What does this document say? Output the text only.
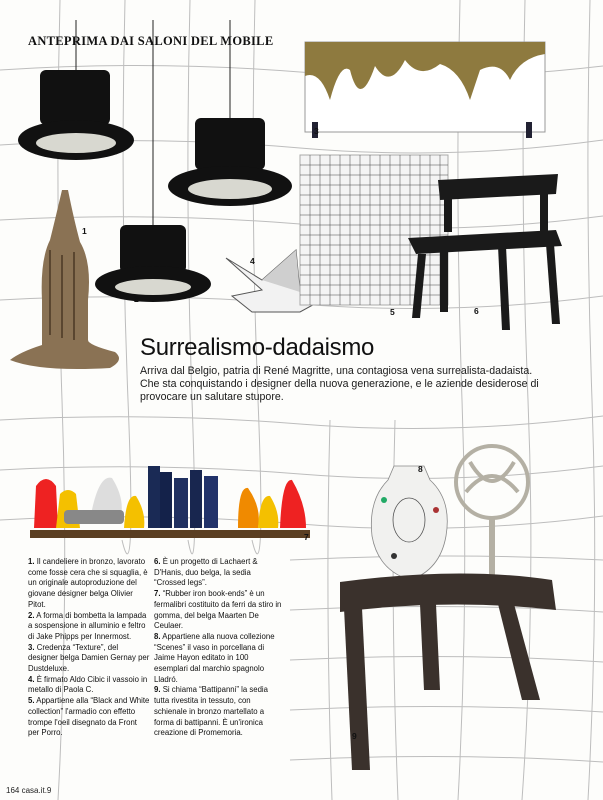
ANTEPRIMA DAI SALONI DEL MOBILE
1
2
3
4
5	6
7
8
9
Surrealismo-dadaismo
Arriva dal Belgio, patria di René Magritte, una contagiosa vena surrealista-dadaista. Che sta conquistando i designer della nuova generazione, e le aziende desiderose di provocare un salutare stupore.
1. Il candeliere in bronzo, lavorato come fosse cera che si squaglia, è un originale autoproduzione del giovane designer belga Olivier Pitot.
2. A forma di bombetta la lampada a sospensione in alluminio e feltro di Jake Phipps per Innermost.
3. Credenza “Texture”, del designer belga Damien Gernay per Dustdeluxe.
4. È firmato Aldo Cibic il vassoio in metallo di Paola C.
5. Appartiene alla “Black and White collection” l'armadio con effetto trompe l'oeil disegnato da Front per Porro.
6. È un progetto di Lachaert & D'Hanis, duo belga, la sedia “Crossed legs”.
7. “Rubber iron book-ends” è un fermalibri costituito da ferri da stiro in gomma, del belga Maarten De Ceulaer.
8. Appartiene alla nuova collezione “Scenes” il vaso in porcellana di Jaime Hayon editato in 100 esemplari dal marchio spagnolo Lladró.
9. Si chiama “Battipanni” la sedia tutta rivestita in tessuto, con schienale in bronzo martellato a forma di battipanni. È un'ironica creazione di Promemoria.
164 casa.it.9
